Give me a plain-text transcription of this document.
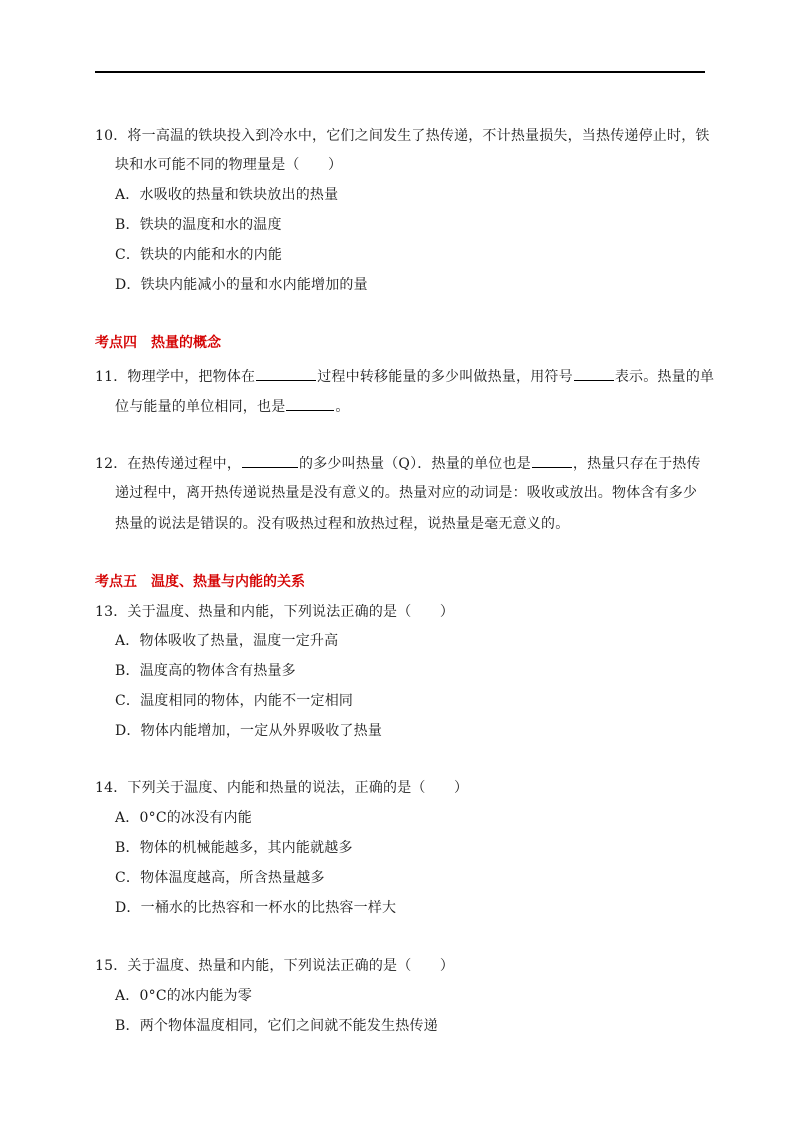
10．将一高温的铁块投入到冷水中，它们之间发生了热传递，不计热量损失，当热传递停止时，铁
块和水可能不同的物理量是（　　）
A．水吸收的热量和铁块放出的热量
B．铁块的温度和水的温度
C．铁块的内能和水的内能
D．铁块内能减小的量和水内能增加的量
考点四 热量的概念
11．物理学中，把物体在	过程中转移能量的多少叫做热量，用符号	表示。热量的单
位与能量的单位相同，也是	。
12．在热传递过程中，	的多少叫热量（Q）．热量的单位也是	，热量只存在于热传
递过程中，离开热传递说热量是没有意义的。热量对应的动词是：吸收或放出。物体含有多少
热量的说法是错误的。没有吸热过程和放热过程，说热量是毫无意义的。
考点五 温度、热量与内能的关系
13．关于温度、热量和内能，下列说法正确的是（　　）
A．物体吸收了热量，温度一定升高
B．温度高的物体含有热量多
C．温度相同的物体，内能不一定相同
D．物体内能增加，一定从外界吸收了热量
14．下列关于温度、内能和热量的说法，正确的是（　　）
A．0°C的冰没有内能
B．物体的机械能越多，其内能就越多
C．物体温度越高，所含热量越多
D．一桶水的比热容和一杯水的比热容一样大
15．关于温度、热量和内能，下列说法正确的是（　　）
A．0°C的冰内能为零
B．两个物体温度相同，它们之间就不能发生热传递
